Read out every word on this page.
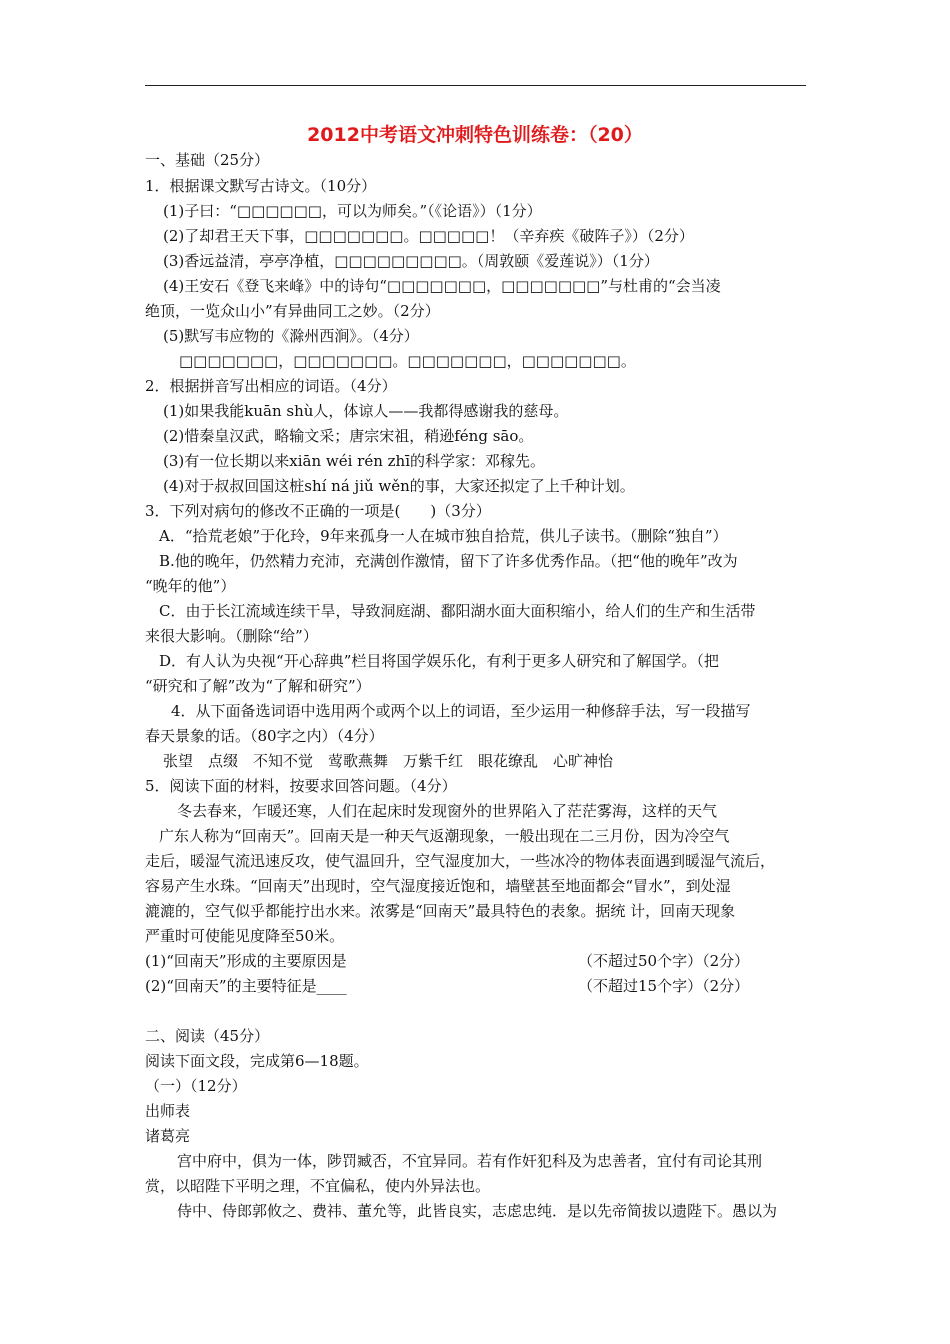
2012中考语文冲刺特色训练卷：（20）
一、基础（25分）
1．根据课文默写古诗文。（10分）
(1)子曰：“□□□□□□，可以为师矣。”（《论语》）（1分）
(2)了却君王天下事，□□□□□□□。□□□□□！（辛弃疾《破阵子》）（2分）
(3)香远益清，亭亭净植，□□□□□□□□□。（周敦颐《爱莲说》）（1分）
(4)王安石《登飞来峰》中的诗句“□□□□□□□，□□□□□□□”与杜甫的“会当凌
绝顶，一览众山小”有异曲同工之妙。（2分）
(5)默写韦应物的《滁州西涧》。（4分）
□□□□□□□，□□□□□□□。□□□□□□□，□□□□□□□。
2．根据拼音写出相应的词语。（4分）
(1)如果我能kuān shù人，体谅人——我都得感谢我的慈母。
(2)惜秦皇汉武，略输文采；唐宗宋祖，稍逊féng sāo。
(3)有一位长期以来xiān wéi rén zhī的科学家：邓稼先。
(4)对于叔叔回国这桩shí ná jiǔ wěn的事，大家还拟定了上千种计划。
3．下列对病句的修改不正确的一项是(　　)（3分）
A．“拾荒老娘”于化玲，9年来孤身一人在城市独自拾荒，供儿子读书。（删除“独自”）
B.他的晚年，仍然精力充沛，充满创作激情，留下了许多优秀作品。（把“他的晚年”改为
“晚年的他”）
C．由于长江流域连续干旱，导致洞庭湖、鄱阳湖水面大面积缩小，给人们的生产和生活带
来很大影响。（删除“给”）
D．有人认为央视“开心辞典”栏目将国学娱乐化，有利于更多人研究和了解国学。（把
“研究和了解”改为“了解和研究”）
4．从下面备选词语中选用两个或两个以上的词语，至少运用一种修辞手法，写一段描写
春天景象的话。（80字之内）（4分）
张望　点缀　不知不觉　莺歌燕舞　万紫千红　眼花缭乱　心旷神怡
5．阅读下面的材料，按要求回答问题。（4分）
冬去春来，乍暖还寒，人们在起床时发现窗外的世界陷入了茫茫雾海，这样的天气
广东人称为“回南天”。回南天是一种天气返潮现象，一般出现在二三月份，因为冷空气
走后，暖湿气流迅速反攻，使气温回升，空气湿度加大，一些冰冷的物体表面遇到暖湿气流后，
容易产生水珠。“回南天”出现时，空气湿度接近饱和，墙壁甚至地面都会“冒水”，到处湿
漉漉的，空气似乎都能拧出水来。浓雾是“回南天”最具特色的表象。据统 计，回南天现象
严重时可使能见度降至50米。
(1)“回南天”形成的主要原因是	（不超过50个字）（2分）
(2)“回南天”的主要特征是____	（不超过15个字）（2分）
二、阅读（45分）
阅读下面文段，完成第6—18题。
（一）（12分）
出师表
诸葛亮
宫中府中，俱为一体，陟罚臧否，不宜异同。若有作奸犯科及为忠善者，宜付有司论其刑
赏，以昭陛下平明之理，不宜偏私，使内外异法也。
侍中、侍郎郭攸之、费祎、董允等，此皆良实，志虑忠纯．是以先帝简拔以遗陛下。愚以为
